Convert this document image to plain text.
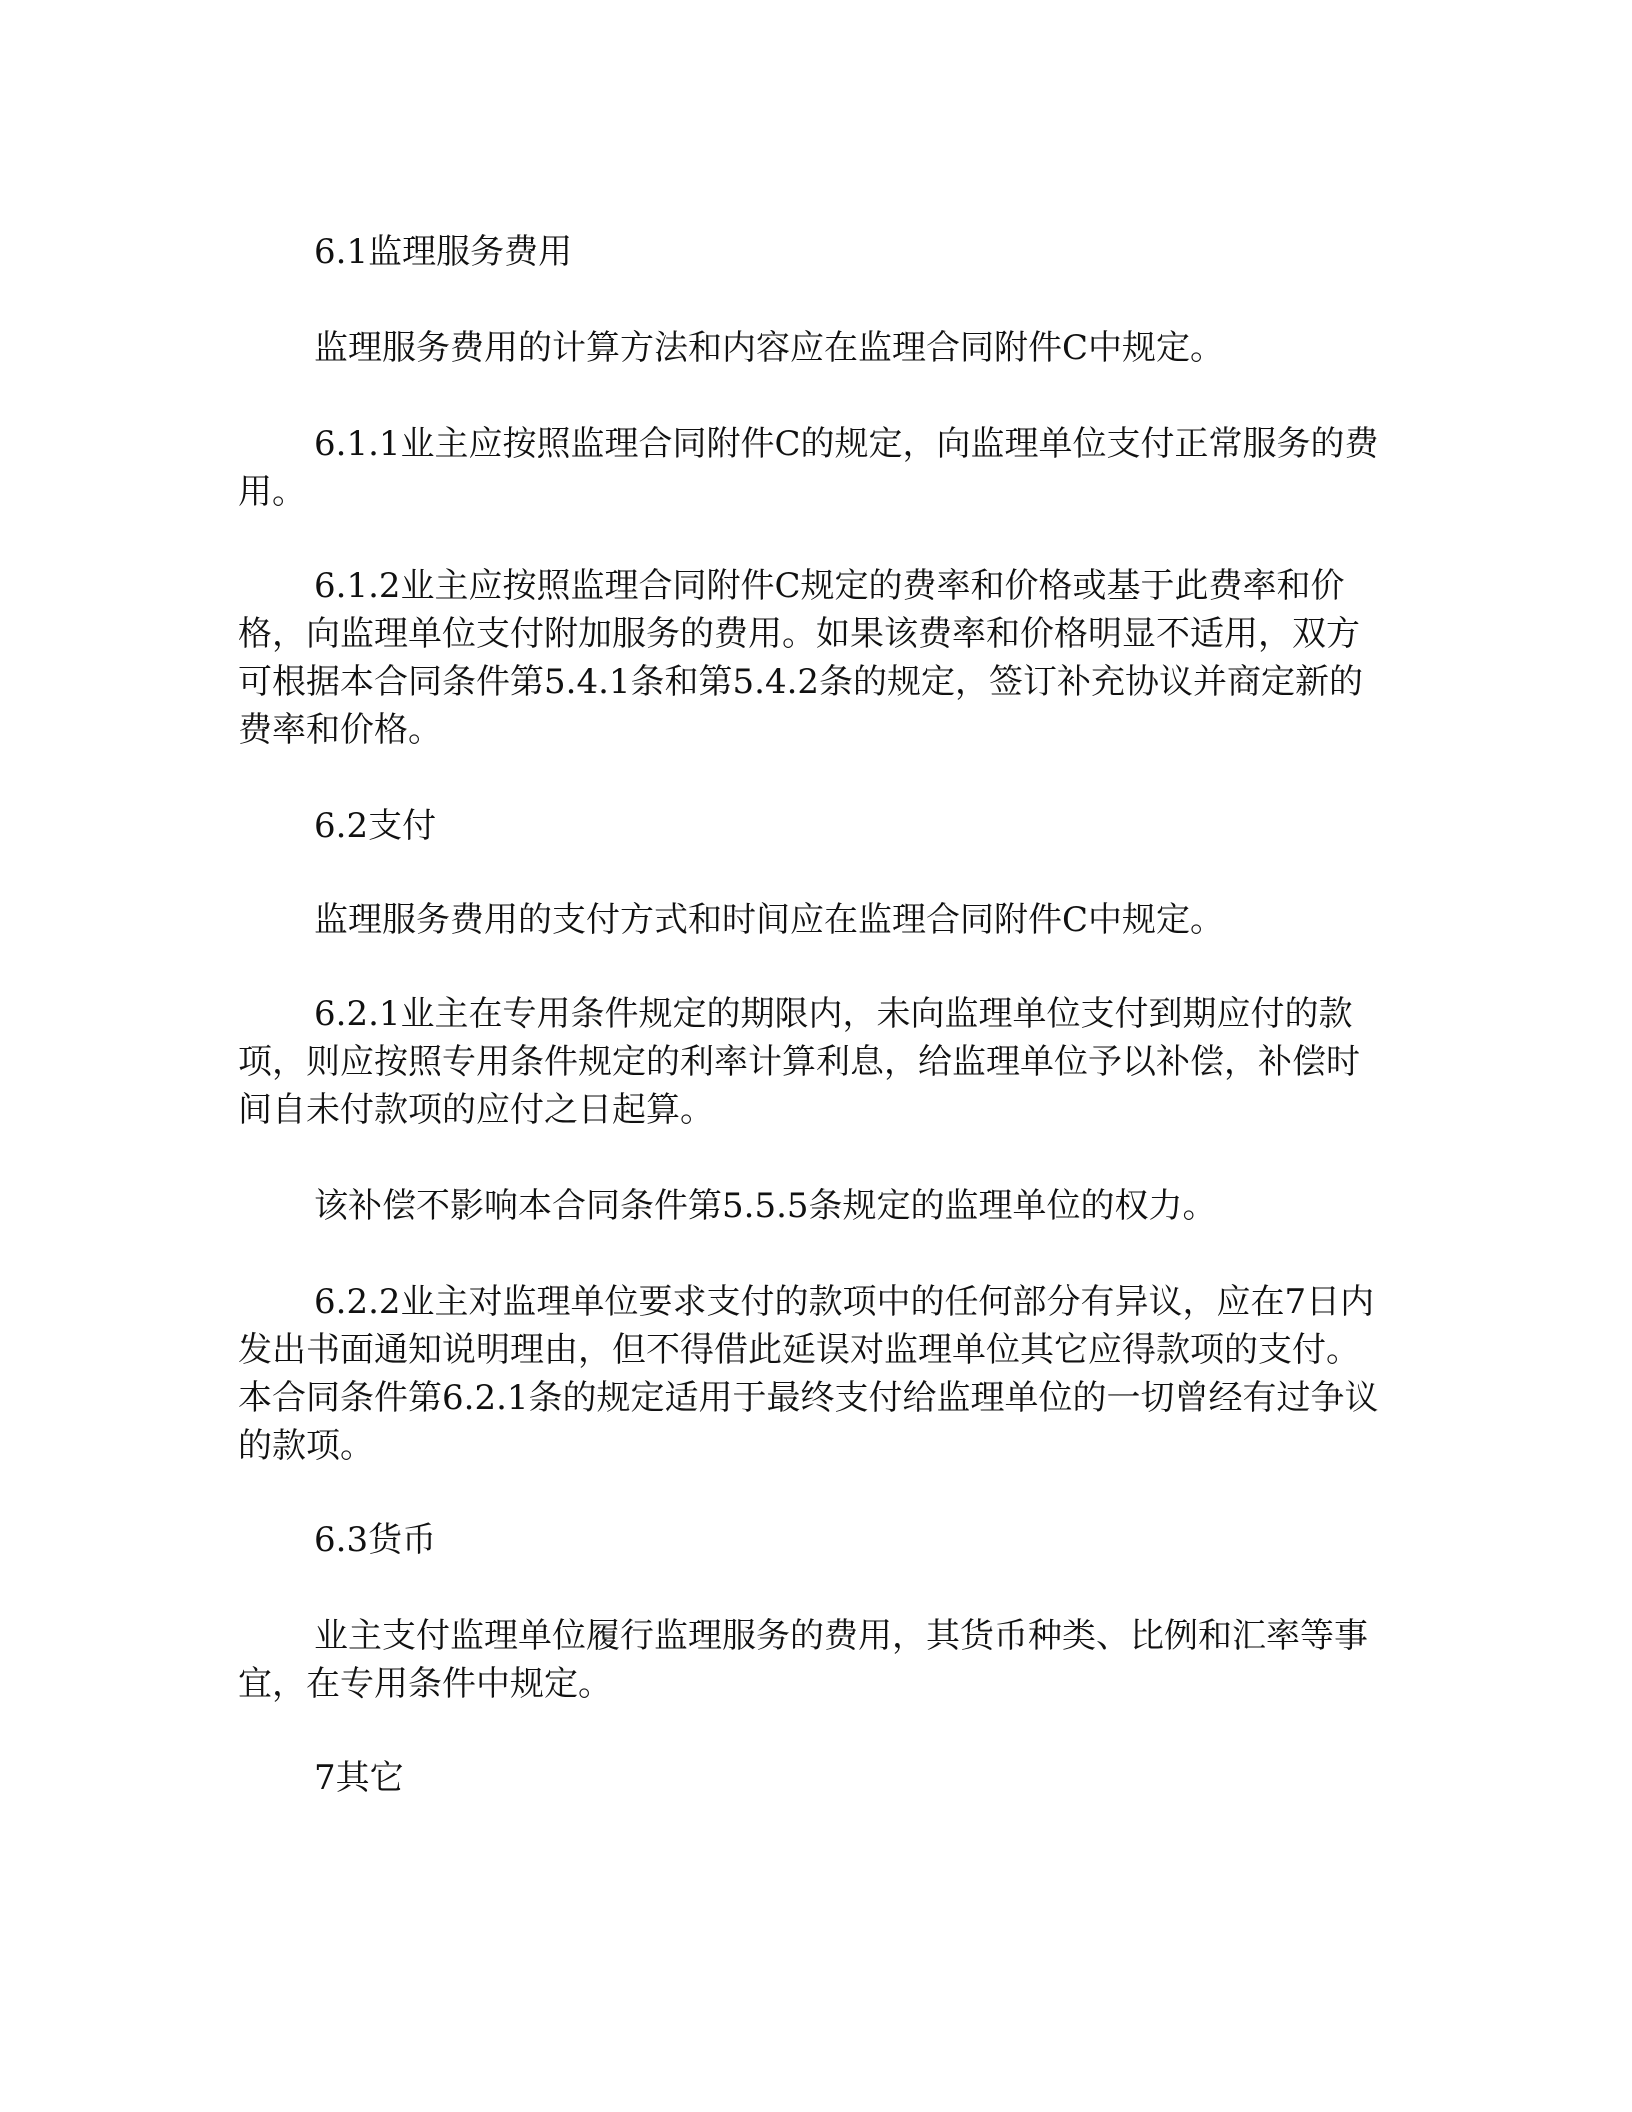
6.1监理服务费用

监理服务费用的计算方法和内容应在监理合同附件C中规定。

6.1.1业主应按照监理合同附件C的规定，向监理单位支付正常服务的费用。

6.1.2业主应按照监理合同附件C规定的费率和价格或基于此费率和价格，向监理单位支付附加服务的费用。如果该费率和价格明显不适用，双方可根据本合同条件第5.4.1条和第5.4.2条的规定，签订补充协议并商定新的费率和价格。

6.2支付

监理服务费用的支付方式和时间应在监理合同附件C中规定。

6.2.1业主在专用条件规定的期限内，未向监理单位支付到期应付的款项，则应按照专用条件规定的利率计算利息，给监理单位予以补偿，补偿时间自未付款项的应付之日起算。

该补偿不影响本合同条件第5.5.5条规定的监理单位的权力。

6.2.2业主对监理单位要求支付的款项中的任何部分有异议，应在7日内发出书面通知说明理由，但不得借此延误对监理单位其它应得款项的支付。本合同条件第6.2.1条的规定适用于最终支付给监理单位的一切曾经有过争议的款项。

6.3货币

业主支付监理单位履行监理服务的费用，其货币种类、比例和汇率等事宜，在专用条件中规定。

7其它
